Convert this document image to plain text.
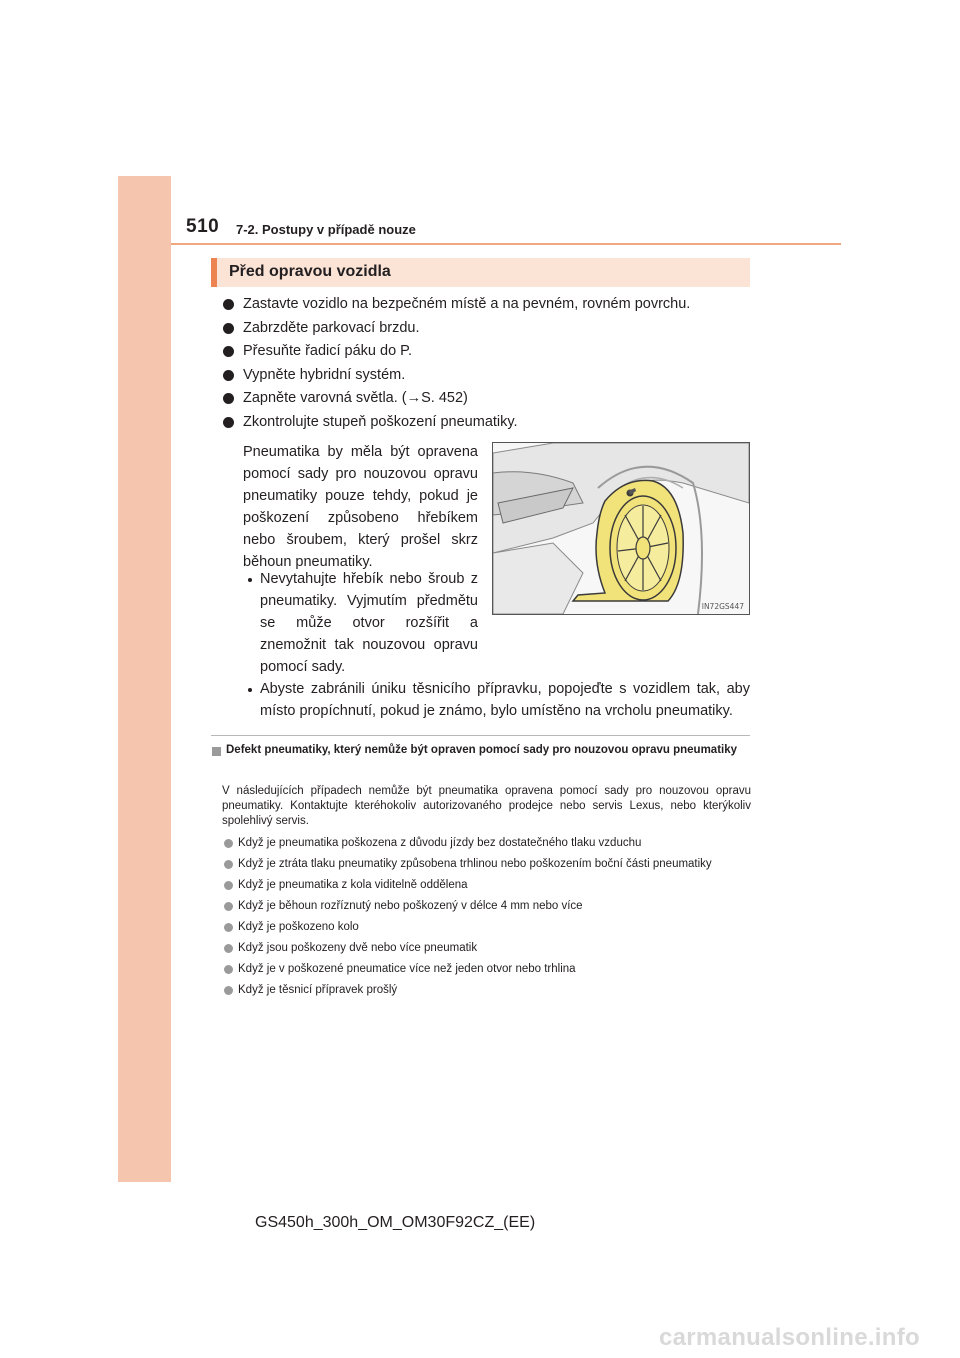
510 7-2. Postupy v případě nouze
Před opravou vozidla
Zastavte vozidlo na bezpečném místě a na pevném, rovném povrchu.
Zabrzděte parkovací brzdu.
Přesuňte řadicí páku do P.
Vypněte hybridní systém.
Zapněte varovná světla. (→S. 452)
Zkontrolujte stupeň poškození pneumatiky.

Pneumatika by měla být opravena pomocí sady pro nouzovou opravu pneumatiky pouze tehdy, pokud je poškození způsobeno hřebíkem nebo šroubem, který prošel skrz běhoun pneumatiky.

Nevytahujte hřebík nebo šroub z pneumatiky. Vyjmutím předmětu se může otvor rozšířit a znemožnit tak nouzovou opravu pomocí sady.

Abyste zabránili úniku těsnicího přípravku, popojeďte s vozidlem tak, aby místo propíchnutí, pokud je známo, bylo umístěno na vrcholu pneumatiky.

IN72GS447

Defekt pneumatiky, který nemůže být opraven pomocí sady pro nouzovou opravu pneumatiky

V následujících případech nemůže být pneumatika opravena pomocí sady pro nouzovou opravu pneumatiky. Kontaktujte kteréhokoliv autorizovaného prodejce nebo servis Lexus, nebo kterýkoliv spolehlivý servis.

Když je pneumatika poškozena z důvodu jízdy bez dostatečného tlaku vzduchu
Když je ztráta tlaku pneumatiky způsobena trhlinou nebo poškozením boční části pneumatiky
Když je pneumatika z kola viditelně oddělena
Když je běhoun rozříznutý nebo poškozený v délce 4 mm nebo více
Když je poškozeno kolo
Když jsou poškozeny dvě nebo více pneumatik
Když je v poškozené pneumatice více než jeden otvor nebo trhlina
Když je těsnicí přípravek prošlý
GS450h_300h_OM_OM30F92CZ_(EE)
carmanualsonline.info
